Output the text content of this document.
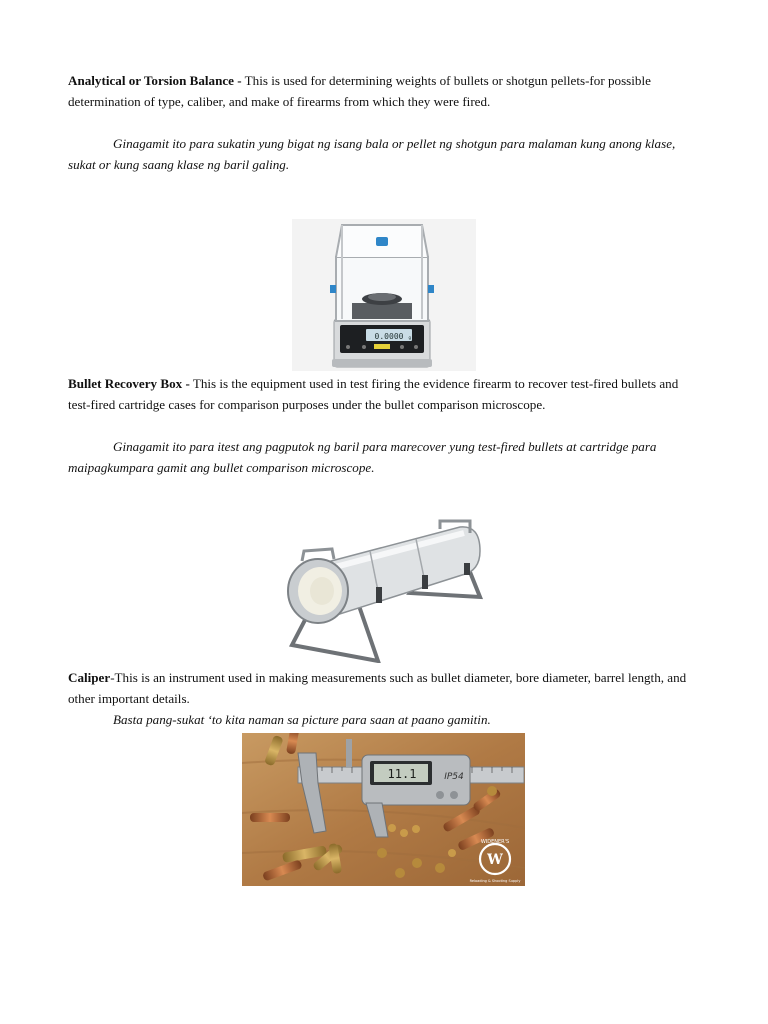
Analytical or Torsion Balance - This is used for determining weights of bullets or shotgun pellets-for possible determination of type, caliber, and make of firearms from which they were fired.

Ginagamit ito para sukatin yung bigat ng isang bala or pellet ng shotgun para malaman kung anong klase, sukat or kung saang klase ng baril galing.

0.0000 g

Bullet Recovery Box - This is the equipment used in test firing the evidence firearm to recover test-fired bullets and test-fired cartridge cases for comparison purposes under the bullet comparison microscope.

Ginagamit ito para itest ang pagputok ng baril para marecover yung test-fired bullets at cartridge para maipagkumpara gamit ang bullet comparison microscope.

Caliper-This is an instrument used in making measurements such as bullet diameter, bore diameter, barrel length, and other important details.

Basta pang-sukat ‘to kita naman sa picture para saan at paano gamitin.

11.1	IP54
W
WIDENER'S
Reloading & Shooting Supply
